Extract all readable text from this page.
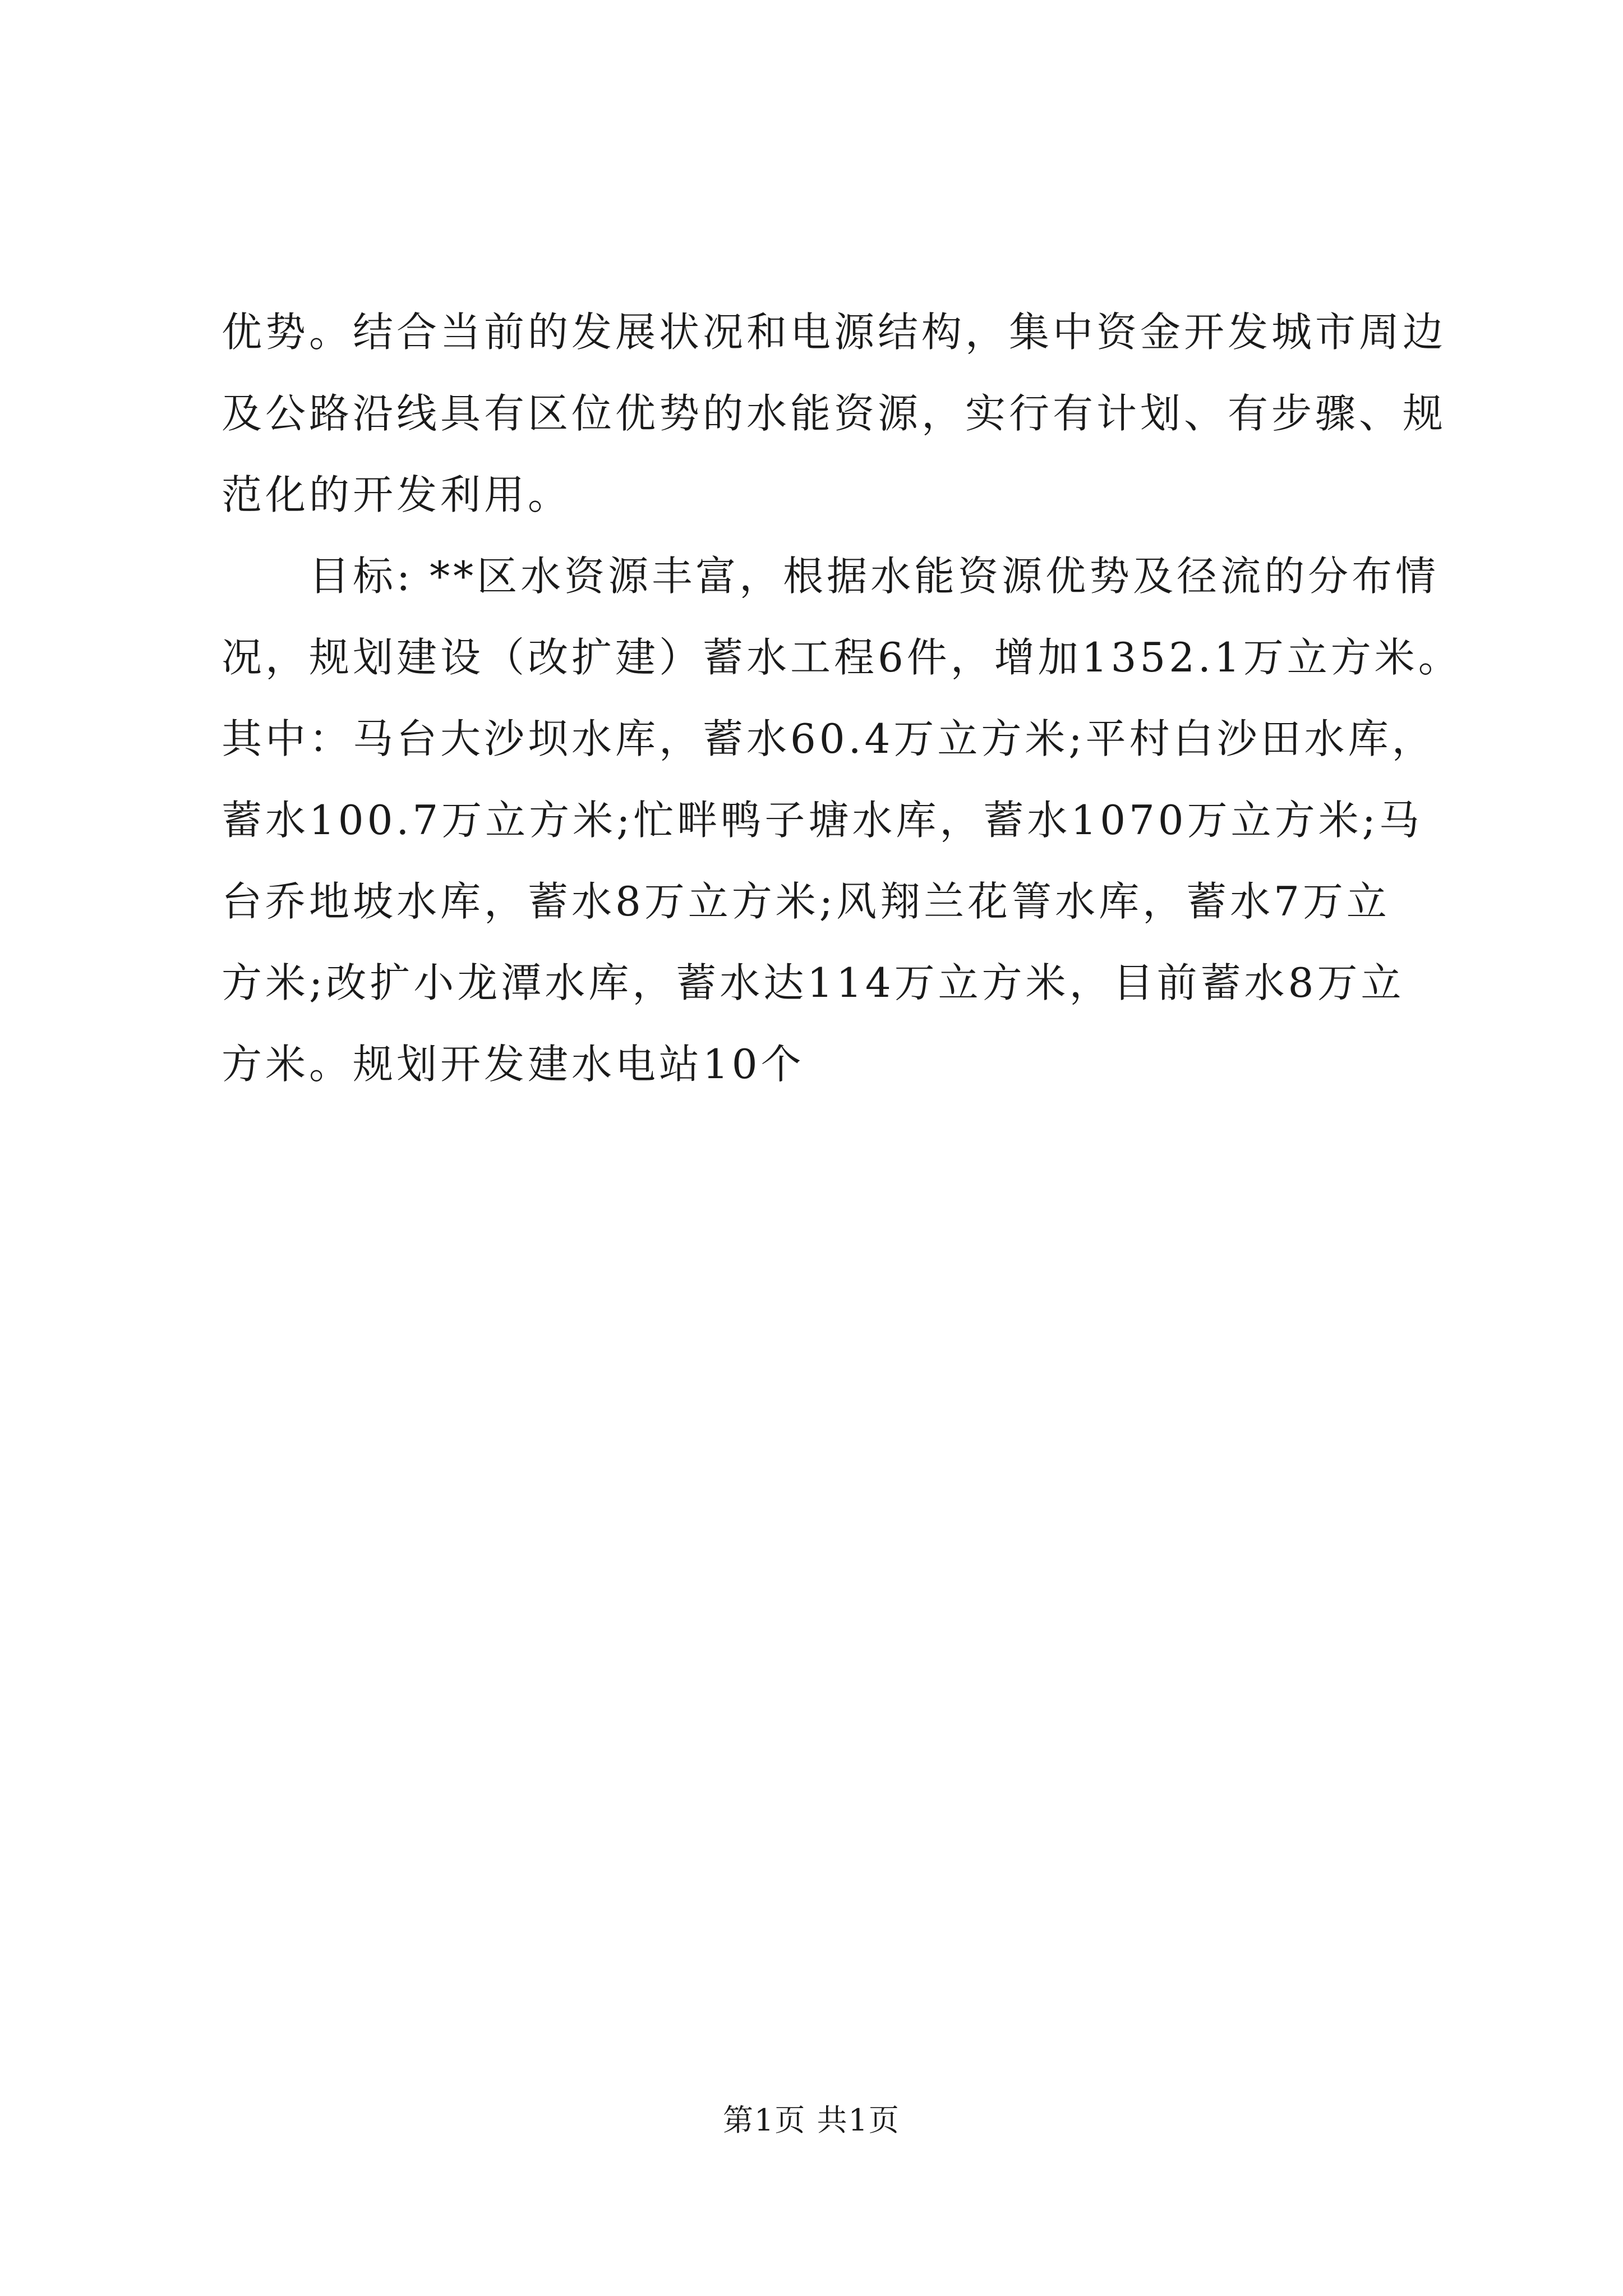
优势。结合当前的发展状况和电源结构，集中资金开发城市周边
及公路沿线具有区位优势的水能资源，实行有计划、有步骤、规
范化的开发利用。
目标: **区水资源丰富，根据水能资源优势及径流的分布情
况，规划建设（改扩建）蓄水工程6件，增加1352.1万立方米。
其中：马台大沙坝水库，蓄水60.4万立方米;平村白沙田水库，
蓄水100.7万立方米;忙畔鸭子塘水库，蓄水1070万立方米;马
台乔地坡水库，蓄水8万立方米;风翔兰花箐水库，蓄水7万立
方米;改扩小龙潭水库，蓄水达114万立方米，目前蓄水8万立
方米。规划开发建水电站10个
第1页 共1页
